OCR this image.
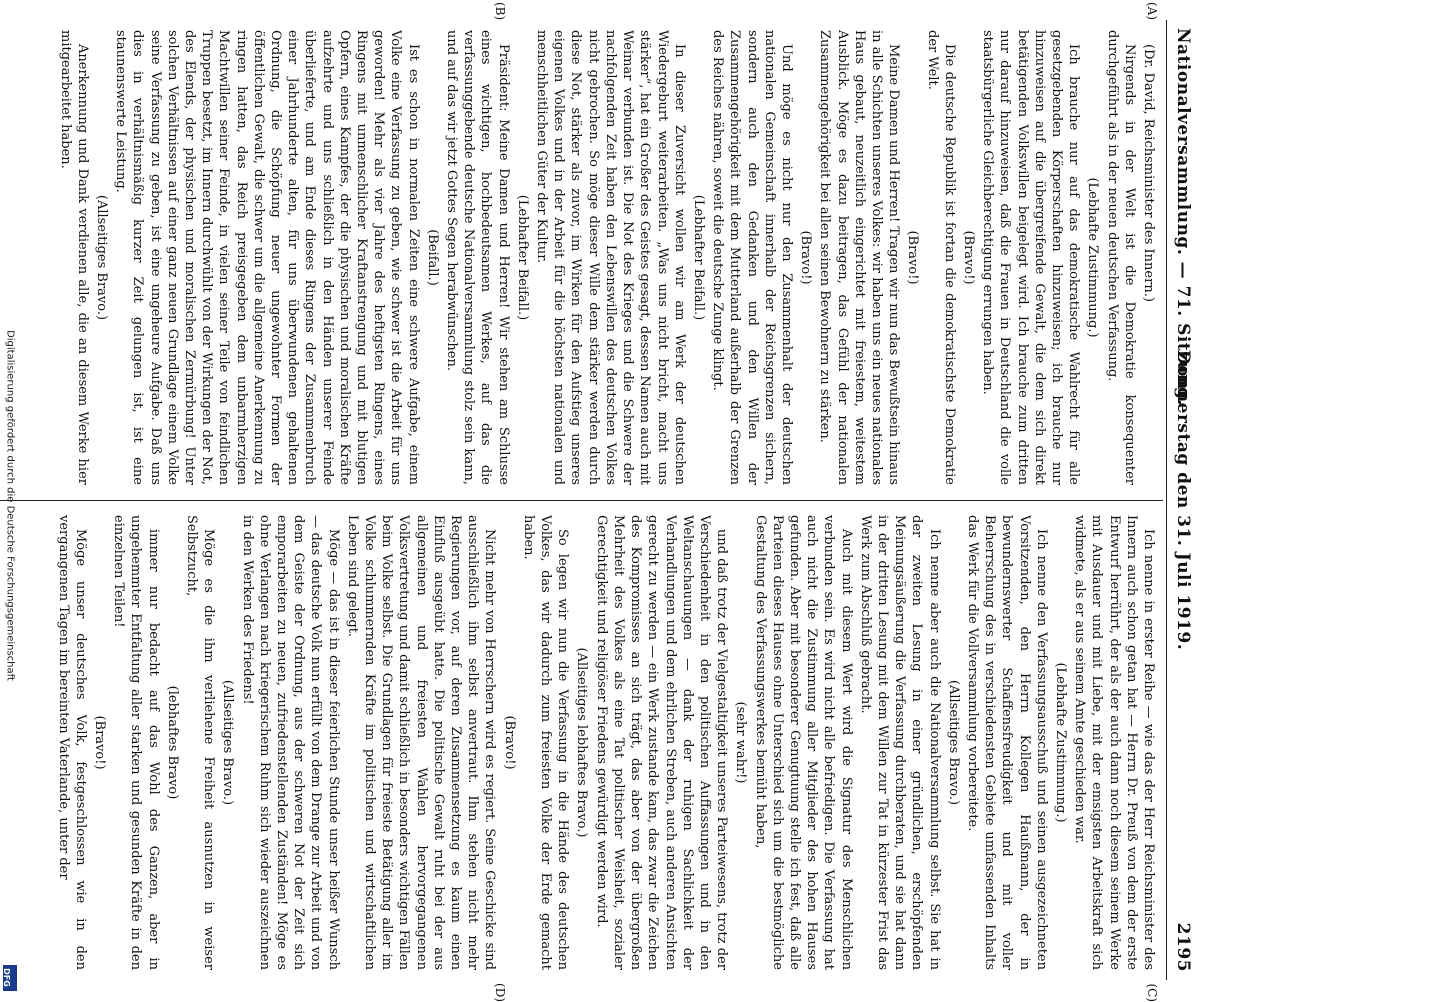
Nationalversammlung. — 71. Sitzung.
Donnerstag den 31. Juli 1919.
2195
(A)
(B)
(C)
(D)

(Dr. David, Reichsminister des Innern.)

Nirgends in der Welt ist die Demokratie konsequenter durchgeführt als in der neuen deutschen Verfassung.

(Lebhafte Zustimmung.)

Ich brauche nur auf das demokratische Wahlrecht für alle gesetzgebenden Körperschaften hinzuweisen; ich brauche nur hinzuweisen auf die übergreifende Gewalt, die dem sich direkt betätigenden Volkswillen beigelegt wird. Ich brauche zum dritten nur darauf hinzuweisen, daß die Frauen in Deutschland die volle staatsbürgerliche Gleichberechtigung errungen haben.

(Bravo!)

Die deutsche Republik ist fortan die demokratischste Demokratie der Welt.

(Bravo!)

Meine Damen und Herren! Tragen wir nun das Bewußtsein hinaus in alle Schichten unseres Volkes: wir haben uns ein neues nationales Haus gebaut, neuzeitlich eingerichtet mit freiestem, weitestem Ausblick. Möge es dazu beitragen, das Gefühl der nationalen Zusammengehörigkeit bei allen seinen Bewohnern zu stärken.

(Bravo!)

Und möge es nicht nur den Zusammenhalt der deutschen nationalen Gemeinschaft innerhalb der Reichsgrenzen sichern, sondern auch den Gedanken und den Willen der Zusammengehörigkeit mit dem Mutterland außerhalb der Grenzen des Reiches nähren, soweit die deutsche Zunge klingt.

(Lebhafter Beifall.)

In dieser Zuversicht wollen wir am Werk der deutschen Wiedergeburt weiterarbeiten. „Was uns nicht bricht, macht uns stärker“, hat ein Großer des Geistes gesagt, dessen Namen auch mit Weimar verbunden ist. Die Not des Krieges und die Schwere der nachfolgenden Zeit haben den Lebenswillen des deutschen Volkes nicht gebrochen. So möge dieser Wille dem stärker werden durch diese Not, stärker als zuvor, im Wirken für den Aufstieg unseres eigenen Volkes und in der Arbeit für die höchsten nationalen und menschheitlichen Güter der Kultur.

(Lebhafter Beifall.)

Präsident: Meine Damen und Herren! Wir stehen am Schlusse eines wichtigen, hochbedeutsamen Werkes, auf das die verfassunggebende deutsche Nationalversammlung stolz sein kann, und auf das wir jetzt Gottes Segen herabwünschen.

(Beifall.)

Ist es schon in normalen Zeiten eine schwere Aufgabe, einem Volke eine Verfassung zu geben, wie schwer ist die Arbeit für uns geworden! Mehr als vier Jahre des heftigsten Ringens, eines Ringens mit unmenschlicher Kraftanstrengung und mit blutigen Opfern, eines Kampfes, der die physischen und moralischen Kräfte aufzehrte und uns schließlich in den Händen unserer Feinde überlieferte, und am Ende dieses Ringens der Zusammenbruch einer Jahrhunderte alten, für uns überwundenen gehaltenen Ordnung, die Schöpfung neuer ungewohnter Formen der öffentlichen Gewalt, die schwer um die allgemeine Anerkennung zu ringen hatten, das Reich preisgegeben dem unbarmherzigen Machtwillen seiner Feinde, in vielen seiner Teile von feindlichen Truppen besetzt, im Innern durchwühlt von der Wirkungen der Not, des Elends, der physischen und moralischen Zermürbung! Unter solchen Verhältnissen auf einer ganz neuen Grundlage einem Volke seine Verfassung zu geben, ist eine ungeheure Aufgabe. Daß uns dies in verhältnismäßig kurzer Zeit gelungen ist, ist eine staunenswerte Leistung.

(Allseitiges Bravo.)

Anerkennung und Dank verdienen alle, die an diesem Werke hier mitgearbeitet haben.

Ich nenne in erster Reihe — wie das der Herr Reichsminister des Innern auch schon getan hat — Herrn Dr. Preuß von dem der erste Entwurf herrührt, der als der auch dann noch diesem seinem Werke mit Ausdauer und mit Liebe, mit der emsigsten Arbeitskraft sich widmete, als er aus seinem Amte geschieden war.

(Lebhafte Zustimmung.)

Ich nenne den Verfassungsausschuß und seinen ausgezeichneten Vorsitzenden, den Herrn Kollegen Haußmann, der in bewundernswerter Schaffensfreudigkeit und mit voller Beherrschung des in verschiedensten Gebiete umfassenden Inhalts das Werk für die Vollversammlung vorbereitete.

(Allseitiges Bravo.)

Ich nenne aber auch die Nationalversammlung selbst. Sie hat in der zweiten Lesung in einer gründlichen, erschöpfenden Meinungsäußerung die Verfassung durchberaten, und sie hat dann in der dritten Lesung mit dem Willen zur Tat in kürzester Frist das Werk zum Abschluß gebracht.

Auch mit diesem Wert wird die Signatur des Menschlichen verbunden sein. Es wird nicht alle befriedigen. Die Verfassung hat auch nicht die Zustimmung aller Mitglieder des hohen Hauses gefunden. Aber mit besonderer Genugtuung stelle ich fest, daß alle Parteien dieses Hauses ohne Unterschied sich um die bestmögliche Gestaltung des Verfassungswerkes bemüht haben,

(sehr wahr!)

und daß trotz der Vielgestaltigkeit unseres Parteiwesens, trotz der Verschiedenheit in den politischen Auffassungen und in den Weltanschauungen — dank der ruhigen Sachlichkeit der Verhandlungen und dem ehrlichen Streben, auch anderen Ansichten gerecht zu werden — ein Werk zustande kam, das zwar die Zeichen des Kompromisses an sich trägt, das aber von der übergroßen Mehrheit des Volkes als eine Tat politischer Weisheit, sozialer Gerechtigkeit und religiöser Friedens gewürdigt werden wird.

(Allseitiges lebhaftes Bravo.)

So legen wir nun die Verfassung in die Hände des deutschen Volkes, das wir dadurch zum freiesten Volke der Erde gemacht haben.

(Bravo!)

Nicht mehr von Herrschern wird es regiert. Seine Geschicke sind ausschließlich ihm selbst anvertraut. Ihm stehen nicht mehr Regierungen vor, auf deren Zusammensetzung es kaum einen Einfluß ausgeübt hatte. Die politische Gewalt ruht bei der aus allgemeinen und freiesten Wahlen hervorgegangenen Volksvertretung und damit schließlich in besonders wichtigen Fällen beim Volke selbst. Die Grundlagen für freieste Betätigung aller im Volke schlummernden Kräfte im politischen und wirtschaftlichen Leben sind gelegt.

Möge — das ist in dieser feierlichen Stunde unser heißer Wunsch — das deutsche Volk nun erfüllt von dem Drange zur Arbeit und von dem Geiste der Ordnung, aus der schweren Not der Zeit sich emporarbeiten zu neuen, zufriedenstellenden Zuständen! Möge es ohne Verlangen nach kriegerischem Ruhm sich wieder auszeichnen in den Werken des Friedens!

(Allseitiges Bravo.)

Möge es die ihm verliehene Freiheit ausnutzen in weiser Selbstzucht,

(lebhaftes Bravo)

immer nur bedacht auf das Wohl des Ganzen, aber in ungehemmter Entfaltung aller starken und gesunden Kräfte in den einzelnen Teilen!

(Bravo!)

Möge unser deutsches Volk, festgeschlossen wie in den vergangenen Tagen im bereinten Vaterlande, unter der

Digitalisierung gefördert durch die Deutsche Forschungsgemeinschaft
DFG
